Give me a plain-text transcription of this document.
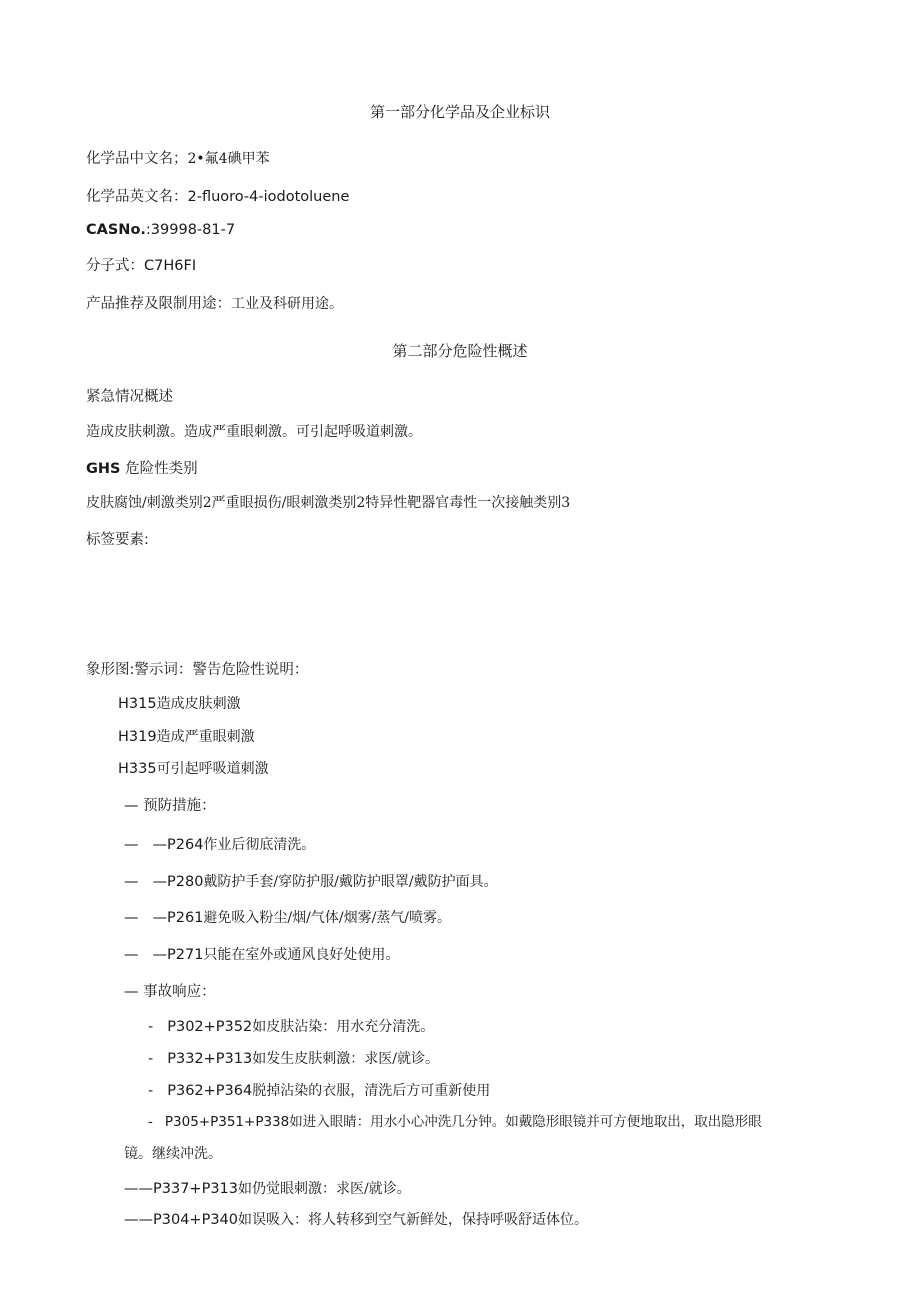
第一部分化学品及企业标识
化学品中文名；2•氟4碘甲苯
化学品英文名：2-fluoro-4-iodotoluene
CASNo.:39998-81-7
分子式：C7H6FI
产品推荐及限制用途：工业及科研用途。
第二部分危险性概述
紧急情况概述
造成皮肤刺激。造成严重眼刺激。可引起呼吸道刺激。
GHS 危险性类别
皮肤腐蚀/刺激类别2严重眼损伤/眼刺激类别2特异性靶器官毒性一次接触类别3
标签要素:
象形图:警示词：警告危险性说明：
H315造成皮肤刺激
H319造成严重眼刺激
H335可引起呼吸道刺激
— 预防措施：
— —P264作业后彻底清洗。
— —P280戴防护手套/穿防护服/戴防护眼罩/戴防护面具。
— —P261避免吸入粉尘/烟/气体/烟雾/蒸气/喷雾。
— —P271只能在室外或通风良好处使用。
— 事故响应：
- P302+P352如皮肤沾染：用水充分清洗。
- P332+P313如发生皮肤刺激：求医/就诊。
- P362+P364脱掉沾染的衣服，清洗后方可重新使用
- P305+P351+P338如进入眼睛：用水小心冲洗几分钟。如戴隐形眼镜并可方便地取出，取出隐形眼
镜。继续冲洗。
——P337+P313如仍觉眼刺激：求医/就诊。
——P304+P340如误吸入：将人转移到空气新鲜处，保持呼吸舒适体位。
